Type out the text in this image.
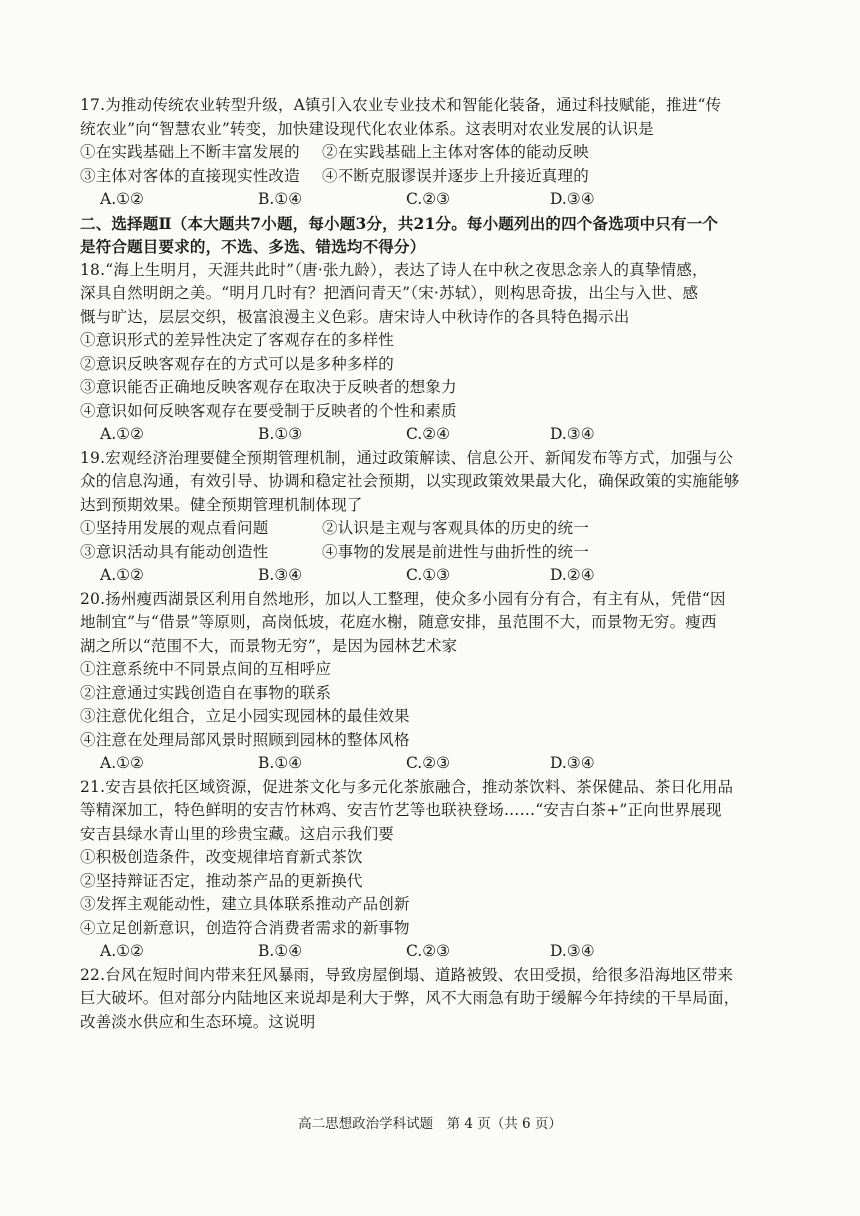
17.为推动传统农业转型升级，A镇引入农业专业技术和智能化装备，通过科技赋能，推进“传
统农业”向“智慧农业”转变，加快建设现代化农业体系。这表明对农业发展的认识是
①在实践基础上不断丰富发展的	②在实践基础上主体对客体的能动反映
③主体对客体的直接现实性改造	④不断克服谬误并逐步上升接近真理的
A.①②	B.①④	C.②③	D.③④
二、选择题Ⅱ（本大题共7小题，每小题3分，共21分。每小题列出的四个备选项中只有一个
是符合题目要求的，不选、多选、错选均不得分）
18.“海上生明月，天涯共此时”（唐·张九龄），表达了诗人在中秋之夜思念亲人的真挚情感，
深具自然明朗之美。“明月几时有？把酒问青天”（宋·苏轼），则构思奇拔，出尘与入世、感
慨与旷达，层层交织，极富浪漫主义色彩。唐宋诗人中秋诗作的各具特色揭示出
①意识形式的差异性决定了客观存在的多样性
②意识反映客观存在的方式可以是多种多样的
③意识能否正确地反映客观存在取决于反映者的想象力
④意识如何反映客观存在要受制于反映者的个性和素质
A.①②	B.①③	C.②④	D.③④
19.宏观经济治理要健全预期管理机制，通过政策解读、信息公开、新闻发布等方式，加强与公
众的信息沟通，有效引导、协调和稳定社会预期，以实现政策效果最大化，确保政策的实施能够
达到预期效果。健全预期管理机制体现了
①坚持用发展的观点看问题	②认识是主观与客观具体的历史的统一
③意识活动具有能动创造性	④事物的发展是前进性与曲折性的统一
A.①②	B.③④	C.①③	D.②④
20.扬州瘦西湖景区利用自然地形，加以人工整理，使众多小园有分有合，有主有从，凭借“因
地制宜”与“借景”等原则，高岗低坡，花庭水榭，随意安排，虽范围不大，而景物无穷。瘦西
湖之所以“范围不大，而景物无穷”，是因为园林艺术家
①注意系统中不同景点间的互相呼应
②注意通过实践创造自在事物的联系
③注意优化组合，立足小园实现园林的最佳效果
④注意在处理局部风景时照顾到园林的整体风格
A.①②	B.①④	C.②③	D.③④
21.安吉县依托区域资源，促进茶文化与多元化茶旅融合，推动茶饮料、茶保健品、茶日化用品
等精深加工，特色鲜明的安吉竹林鸡、安吉竹艺等也联袂登场……“安吉白茶+”正向世界展现
安吉县绿水青山里的珍贵宝藏。这启示我们要
①积极创造条件，改变规律培育新式茶饮
②坚持辩证否定，推动茶产品的更新换代
③发挥主观能动性，建立具体联系推动产品创新
④立足创新意识，创造符合消费者需求的新事物
A.①②	B.①④	C.②③	D.③④
22.台风在短时间内带来狂风暴雨，导致房屋倒塌、道路被毁、农田受损，给很多沿海地区带来
巨大破坏。但对部分内陆地区来说却是利大于弊，风不大雨急有助于缓解今年持续的干旱局面，
改善淡水供应和生态环境。这说明
高二思想政治学科试题　第 4 页（共 6 页）
